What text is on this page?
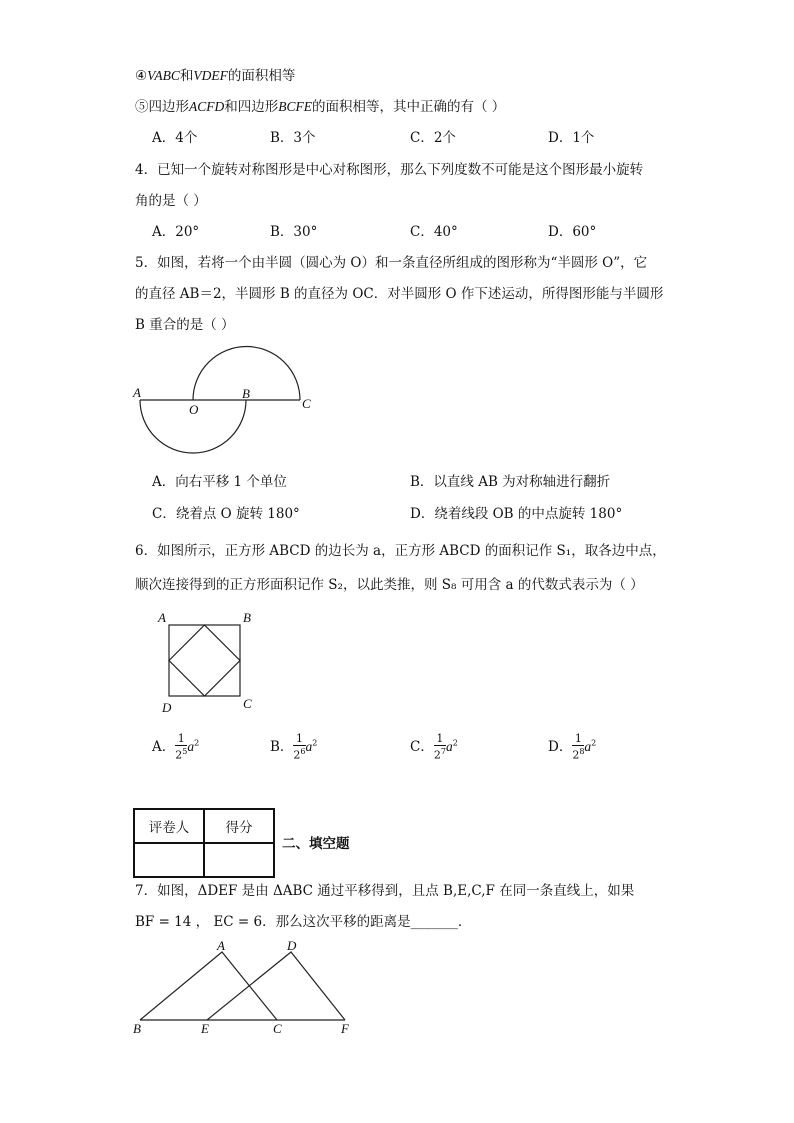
④VABC和VDEF的面积相等
⑤四边形ACFD和四边形BCFE的面积相等，其中正确的有（ ）
A．4个	B．3个	C．2个	D．1个
4．已知一个旋转对称图形是中心对称图形，那么下列度数不可能是这个图形最小旋转
角的是（ ）
A．20°	B．30°	C．40°	D．60°
5．如图，若将一个由半圆（圆心为 O）和一条直径所组成的图形称为“半圆形 O”，它
的直径 AB＝2，半圆形 B 的直径为 OC．对半圆形 O 作下述运动，所得图形能与半圆形
B 重合的是（ ）
A
O
B
C
A．向右平移 1 个单位	B．以直线 AB 为对称轴进行翻折
C．绕着点 O 旋转 180°	D．绕着线段 OB 的中点旋转 180°
6．如图所示，正方形 ABCD 的边长为 a，正方形 ABCD 的面积记作 S₁，取各边中点，
顺次连接得到的正方形面积记作 S₂，以此类推，则 S₈ 可用含 a 的代数式表示为（ ）
A	B
C
D
A． $\frac{1}{2^5} a^2$	B． $\frac{1}{2^6} a^2$	C． $\frac{1}{2^7} a^2$	D． $\frac{1}{2^8} a^2$
评卷人	得分

二、填空题
7．如图，ΔDEF 是由 ΔABC 通过平移得到，且点 B,E,C,F 在同一条直线上，如果
BF = 14 ， EC = 6．那么这次平移的距离是_______．
A	D
B	E	C	F
